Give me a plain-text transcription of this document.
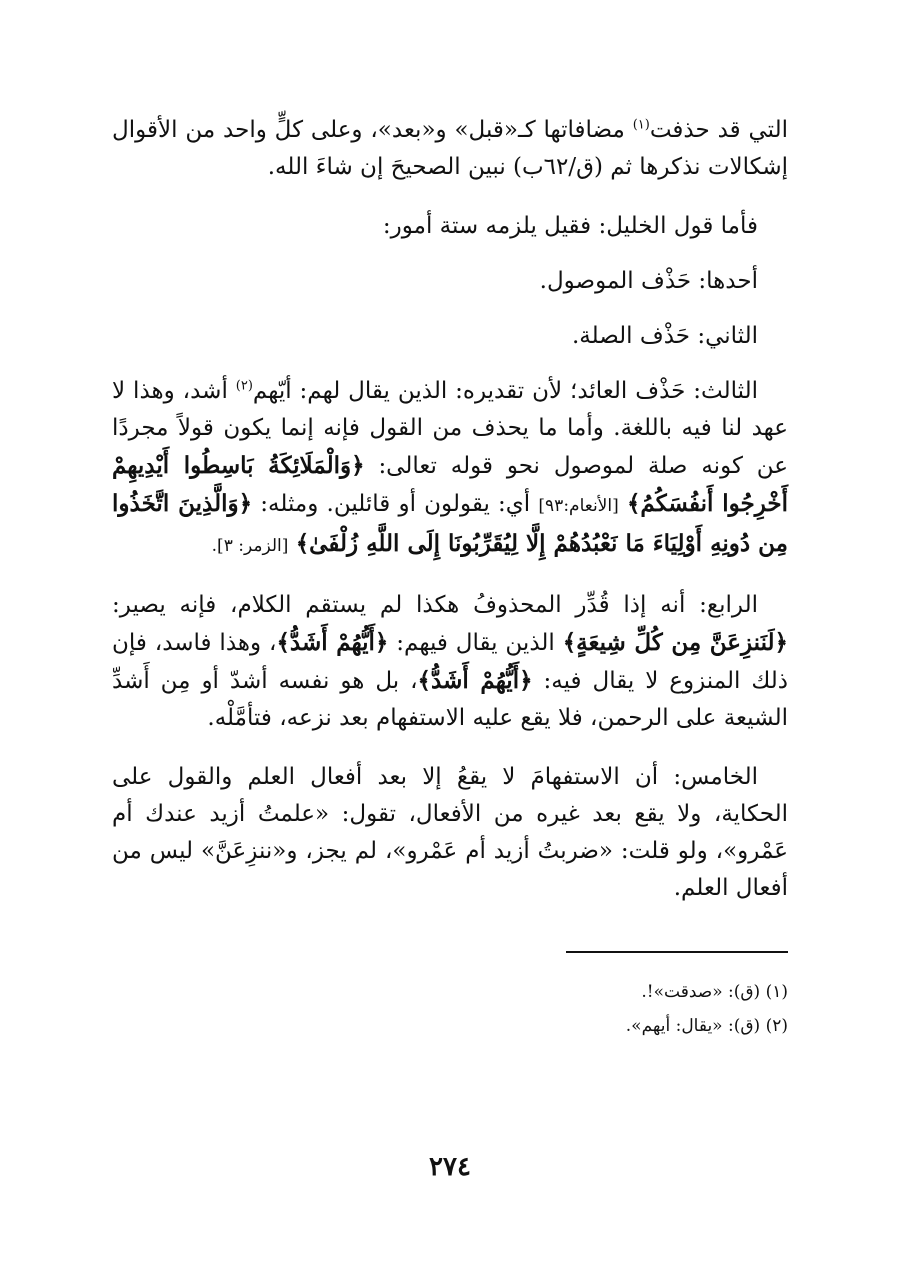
التي قد حذفت$^{(١)}$ مضافاتها كـ«قبل» و«بعد»، وعلى كلٍّ واحد من الأقوال إشكالات نذكرها ثم (ق/٦٢ب) نبين الصحيحَ إن شاءَ الله.

فأما قول الخليل: فقيل يلزمه ستة أمور:

أحدها: حَذْف الموصول.

الثاني: حَذْف الصلة.

الثالث: حَذْف العائد؛ لأن تقديره: الذين يقال لهم: أيّهم$^{(٢)}$ أشد، وهذا لا عهد لنا فيه باللغة. وأما ما يحذف من القول فإنه إنما يكون قولاً مجردًا عن كونه صلة لموصول نحو قوله تعالى: ﴿وَالْمَلَائِكَةُ بَاسِطُوا أَيْدِيهِمْ أَخْرِجُوا أَنفُسَكُمُ﴾ [الأنعام:٩٣] أي: يقولون أو قائلين. ومثله: ﴿وَالَّذِينَ اتَّخَذُوا مِن دُونِهِ أَوْلِيَاءَ مَا نَعْبُدُهُمْ إِلَّا لِيُقَرِّبُونَا إِلَى اللَّهِ زُلْفَىٰ﴾ [الزمر: ٣].

الرابع: أنه إذا قُدِّر المحذوفُ هكذا لم يستقم الكلام، فإنه يصير: ﴿لَنَنزِعَنَّ مِن كُلِّ شِيعَةٍ﴾ الذين يقال فيهم: ﴿أَيُّهُمْ أَشَدُّ﴾، وهذا فاسد، فإن ذلك المنزوع لا يقال فيه: ﴿أَيُّهُمْ أَشَدُّ﴾، بل هو نفسه أشدّ أو مِن أَشدِّ الشيعة على الرحمن، فلا يقع عليه الاستفهام بعد نزعه، فتأمَّلْه.

الخامس: أن الاستفهامَ لا يقعُ إلا بعد أفعال العلم والقول على الحكاية، ولا يقع بعد غيره من الأفعال، تقول: «علمتُ أزيد عندك أم عَمْرو»، ولو قلت: «ضربتُ أزيد أم عَمْرو»، لم يجز، و«ننزِعَنَّ» ليس من أفعال العلم.

(١) (ق): «صدقت»!.

(٢) (ق): «يقال: أيهم».

٢٧٤
